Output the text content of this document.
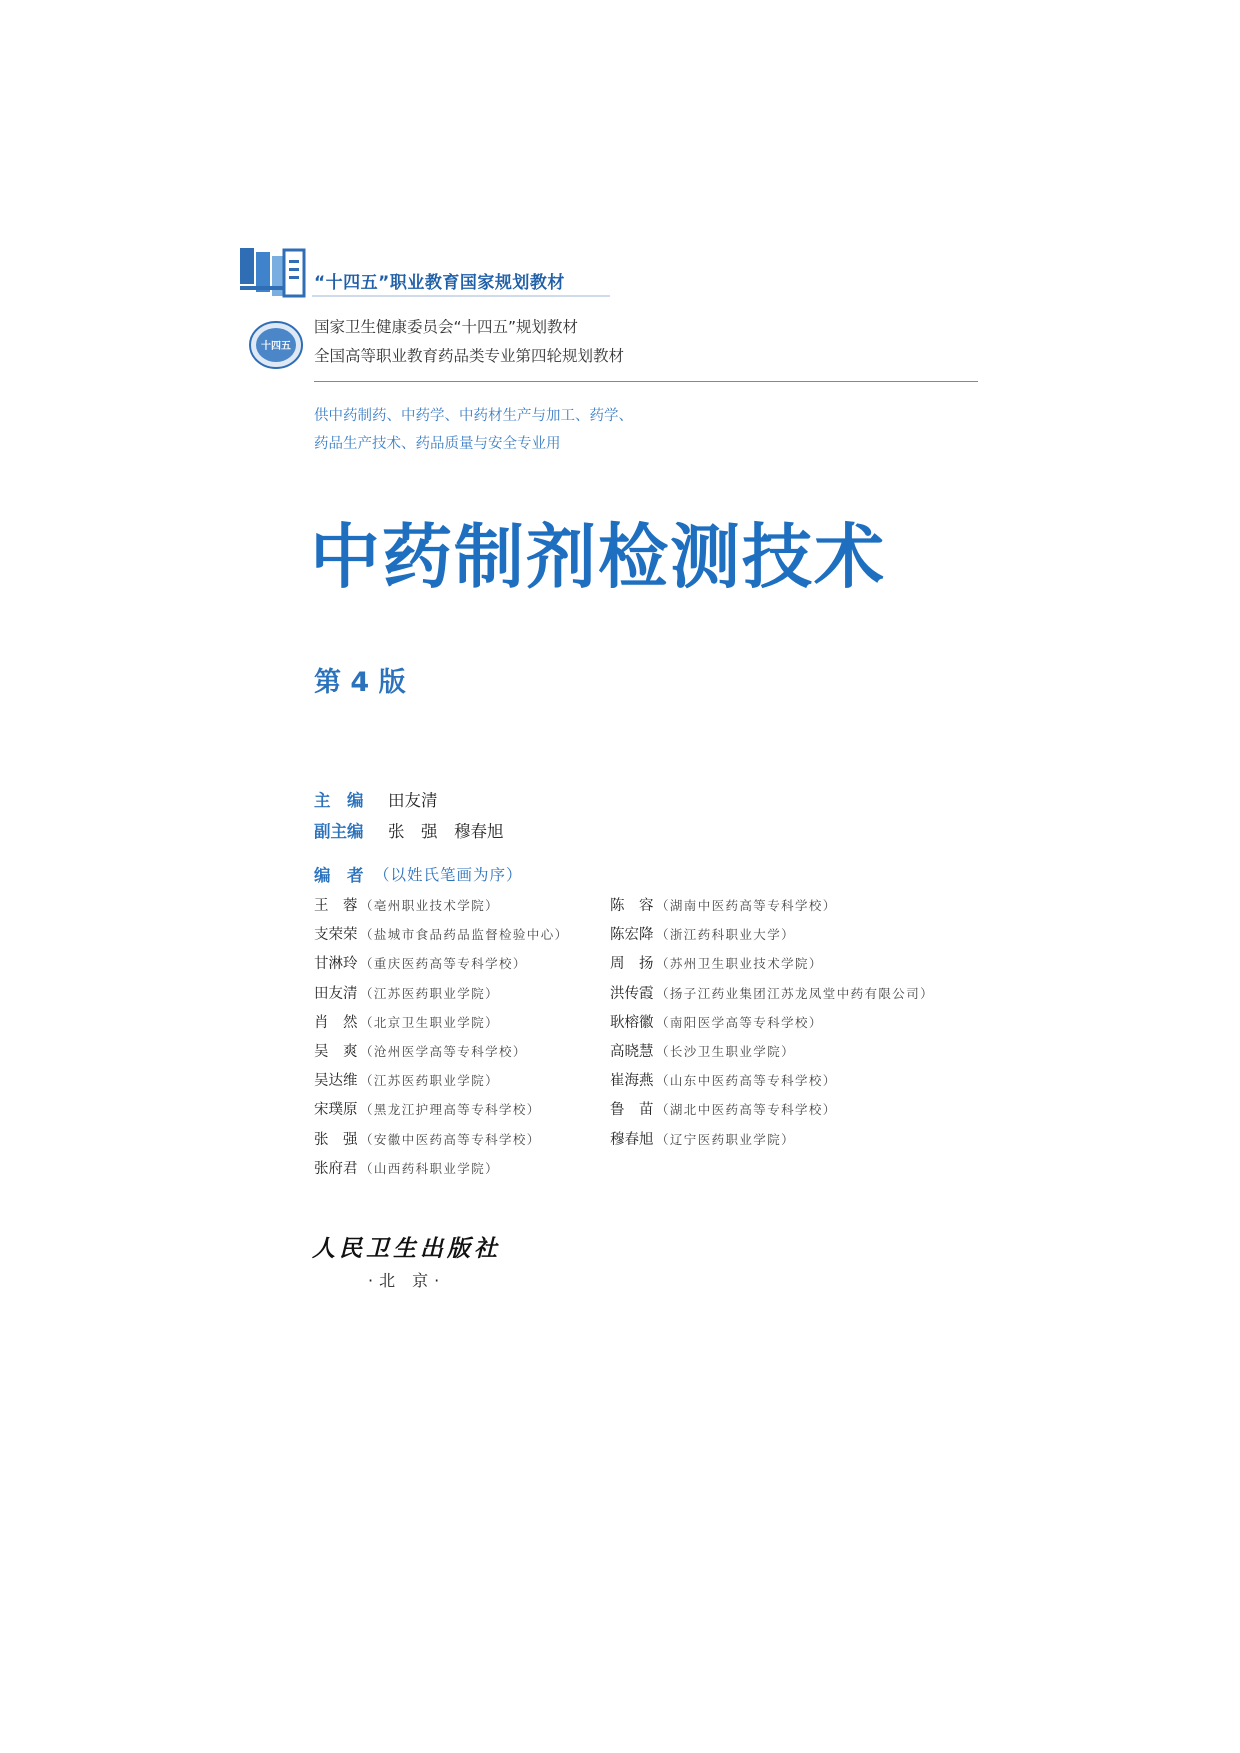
“十四五”职业教育国家规划教材
十四五
国家卫生健康委员会“十四五”规划教材
全国高等职业教育药品类专业第四轮规划教材
供中药制药、中药学、中药材生产与加工、药学、
药品生产技术、药品质量与安全专业用
中药制剂检测技术
第 4 版
主　编 田友清
副主编 张　强　穆春旭
编　者 （以姓氏笔画为序）
王　蓉 （亳州职业技术学院）
支荣荣 （盐城市食品药品监督检验中心）
甘淋玲 （重庆医药高等专科学校）
田友清 （江苏医药职业学院）
肖　然 （北京卫生职业学院）
吴　爽 （沧州医学高等专科学校）
吴达维 （江苏医药职业学院）
宋璞原 （黑龙江护理高等专科学校）
张　强 （安徽中医药高等专科学校）
张府君 （山西药科职业学院）
陈　容 （湖南中医药高等专科学校）
陈宏降 （浙江药科职业大学）
周　扬 （苏州卫生职业技术学院）
洪传霞 （扬子江药业集团江苏龙凤堂中药有限公司）
耿榕徽 （南阳医学高等专科学校）
高晓慧 （长沙卫生职业学院）
崔海燕 （山东中医药高等专科学校）
鲁　苗 （湖北中医药高等专科学校）
穆春旭 （辽宁医药职业学院）
人民卫生出版社
·北 京·
